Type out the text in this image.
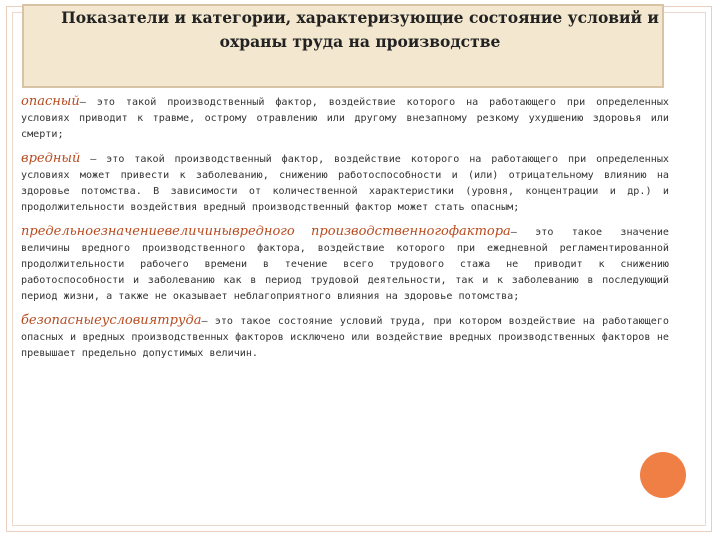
Показатели и категории, характеризующие состояние условий и
охраны труда на производстве

опасный– это такой производственный фактор, воздействие которого на работающего при определенных условиях приводит к травме, острому отравлению или другому внезапному резкому ухудшению здоровья или смерти;

вредный – это такой производственный фактор, воздействие которого на работающего при определенных условиях может привести к заболеванию, снижению работоспособности и (или) отрицательному влиянию на здоровье потомства. В зависимости от количественной характеристики (уровня, концентрации и др.) и продолжительности воздействия вредный производственный фактор может стать опасным;

предельноезначениевеличинывредного производственногофактора– это такое значение величины вредного производственного фактора, воздействие которого при ежедневной регламентированной продолжительности рабочего времени в течение всего трудового стажа не приводит к снижению работоспособности и заболеванию как в период трудовой деятельности, так и к заболеванию в последующий период жизни, а также не оказывает неблагоприятного влияния на здоровье потомства;

безопасныеусловиятруда– это такое состояние условий труда, при котором воздействие на работающего опасных и вредных производственных факторов исключено или воздействие вредных производственных факторов не превышает предельно допустимых величин.
